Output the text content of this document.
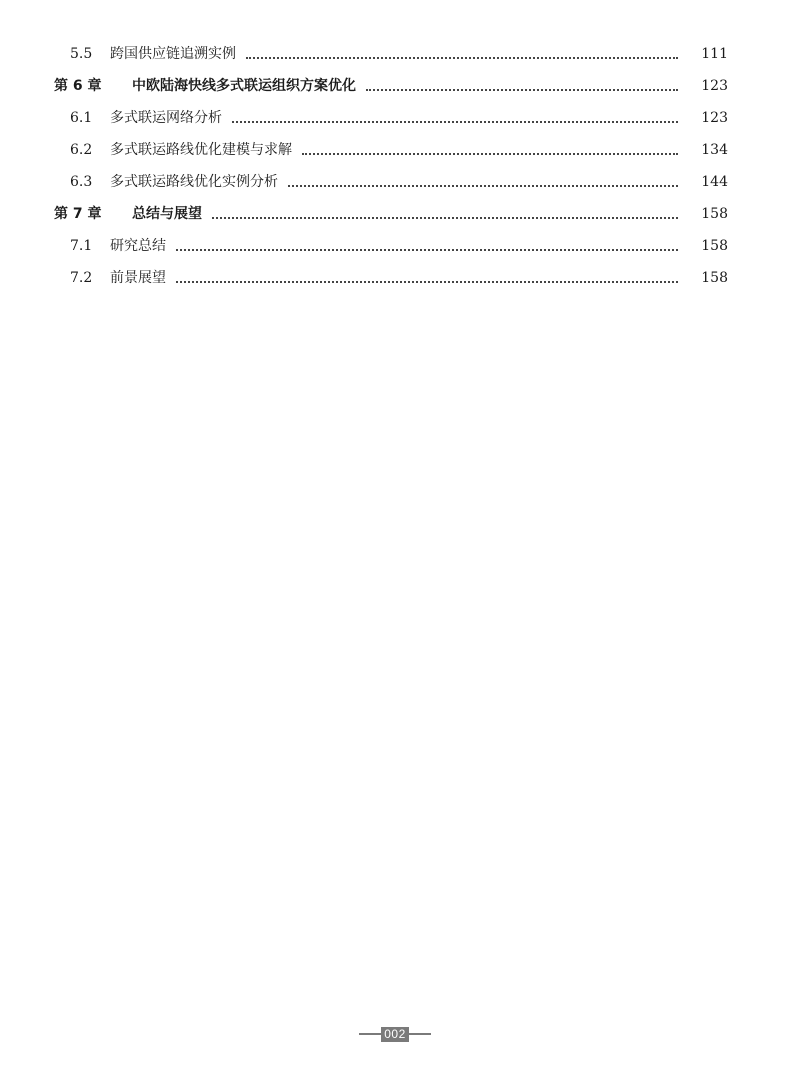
5.5	跨国供应链追溯实例	111
第 6 章	中欧陆海快线多式联运组织方案优化	123
6.1	多式联运网络分析	123
6.2	多式联运路线优化建模与求解	134
6.3	多式联运路线优化实例分析	144
第 7 章	总结与展望	158
7.1	研究总结	158
7.2	前景展望	158
002
